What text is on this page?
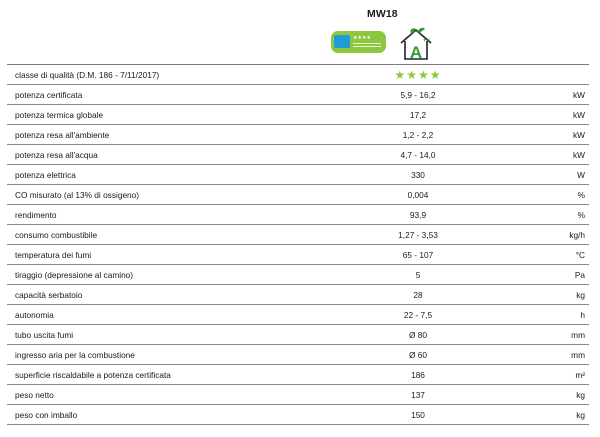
MW18
★★★★
A
++
classe di qualità (D.M. 186 - 7/11/2017)	★★★★	
potenza certificata	5,9 - 16,2	kW
potenza termica globale	17,2	kW
potenza resa all'ambiente	1,2 - 2,2	kW
potenza resa all'acqua	4,7 - 14,0	kW
potenza elettrica	330	W
CO misurato (al 13% di ossigeno)	0,004	%
rendimento	93,9	%
consumo combustibile	1,27 - 3,53	kg/h
temperatura dei fumi	65 - 107	°C
tiraggio (depressione al camino)	5	Pa
capacità serbatoio	28	kg
autonomia	22 - 7,5	h
tubo uscita fumi	Ø 80	mm
ingresso aria per la combustione	Ø 60	mm
superficie riscaldabile a potenza certificata	186	m²
peso netto	137	kg
peso con imballo	150	kg
